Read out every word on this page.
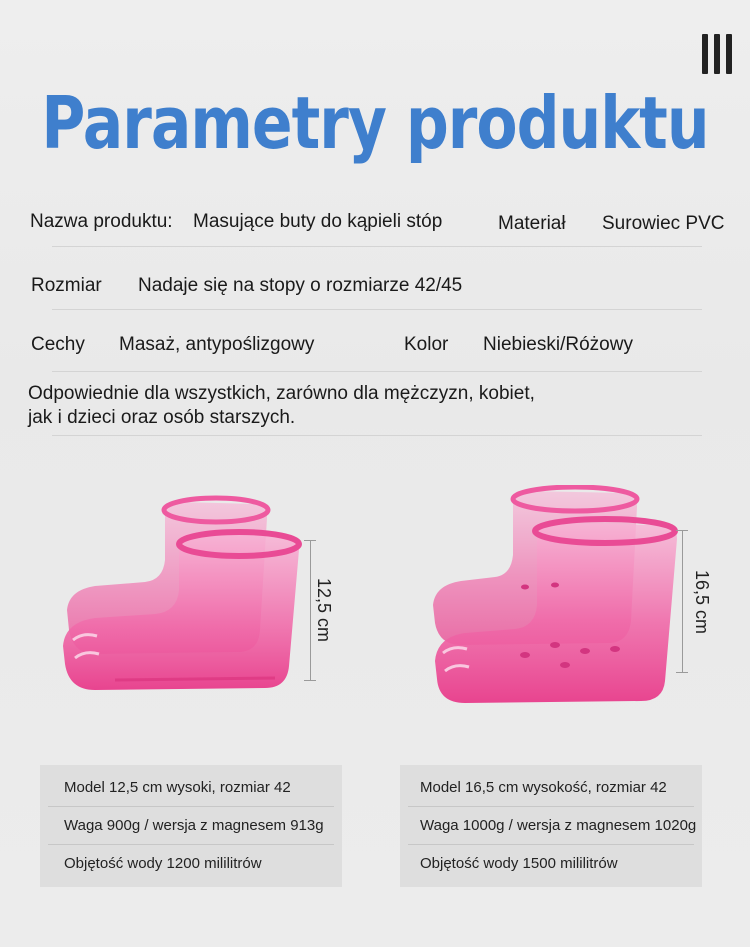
Parametry produktu
Nazwa produktu: Masujące buty do kąpieli stóp	Materiał Surowiec PVC
Rozmiar Nadaje się na stopy o rozmiarze 42/45
Cechy Masaż, antypoślizgowy	Kolor Niebieski/Różowy
Odpowiednie dla wszystkich, zarówno dla mężczyzn, kobiet,
jak i dzieci oraz osób starszych.
12,5 cm	16,5 cm
Model 12,5 cm wysoki, rozmiar 42
Waga 900g / wersja z magnesem 913g
Objętość wody 1200 mililitrów
Model 16,5 cm wysokość, rozmiar 42
Waga 1000g / wersja z magnesem 1020g
Objętość wody 1500 mililitrów
